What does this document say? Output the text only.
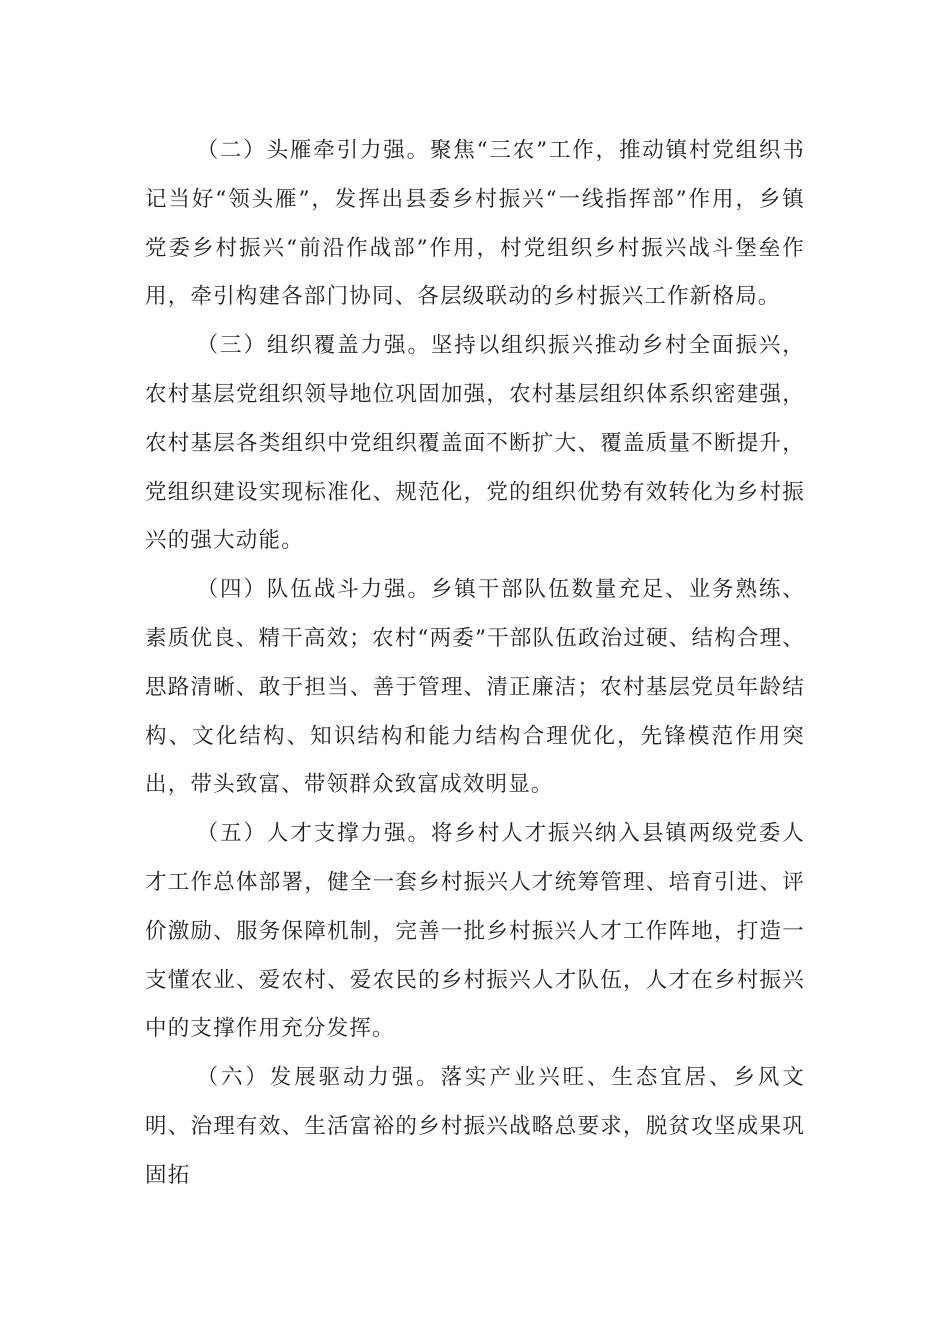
（二）头雁牵引力强。聚焦“三农”工作，推动镇村党组织书记当好“领头雁”，发挥出县委乡村振兴“一线指挥部”作用，乡镇党委乡村振兴“前沿作战部”作用，村党组织乡村振兴战斗堡垒作用，牵引构建各部门协同、各层级联动的乡村振兴工作新格局。

（三）组织覆盖力强。坚持以组织振兴推动乡村全面振兴，农村基层党组织领导地位巩固加强，农村基层组织体系织密建强，农村基层各类组织中党组织覆盖面不断扩大、覆盖质量不断提升，党组织建设实现标准化、规范化，党的组织优势有效转化为乡村振兴的强大动能。

（四）队伍战斗力强。乡镇干部队伍数量充足、业务熟练、素质优良、精干高效；农村“两委”干部队伍政治过硬、结构合理、思路清晰、敢于担当、善于管理、清正廉洁；农村基层党员年龄结构、文化结构、知识结构和能力结构合理优化，先锋模范作用突出，带头致富、带领群众致富成效明显。

（五）人才支撑力强。将乡村人才振兴纳入县镇两级党委人才工作总体部署，健全一套乡村振兴人才统筹管理、培育引进、评价激励、服务保障机制，完善一批乡村振兴人才工作阵地，打造一支懂农业、爱农村、爱农民的乡村振兴人才队伍，人才在乡村振兴中的支撑作用充分发挥。

（六）发展驱动力强。落实产业兴旺、生态宜居、乡风文明、治理有效、生活富裕的乡村振兴战略总要求，脱贫攻坚成果巩固拓
